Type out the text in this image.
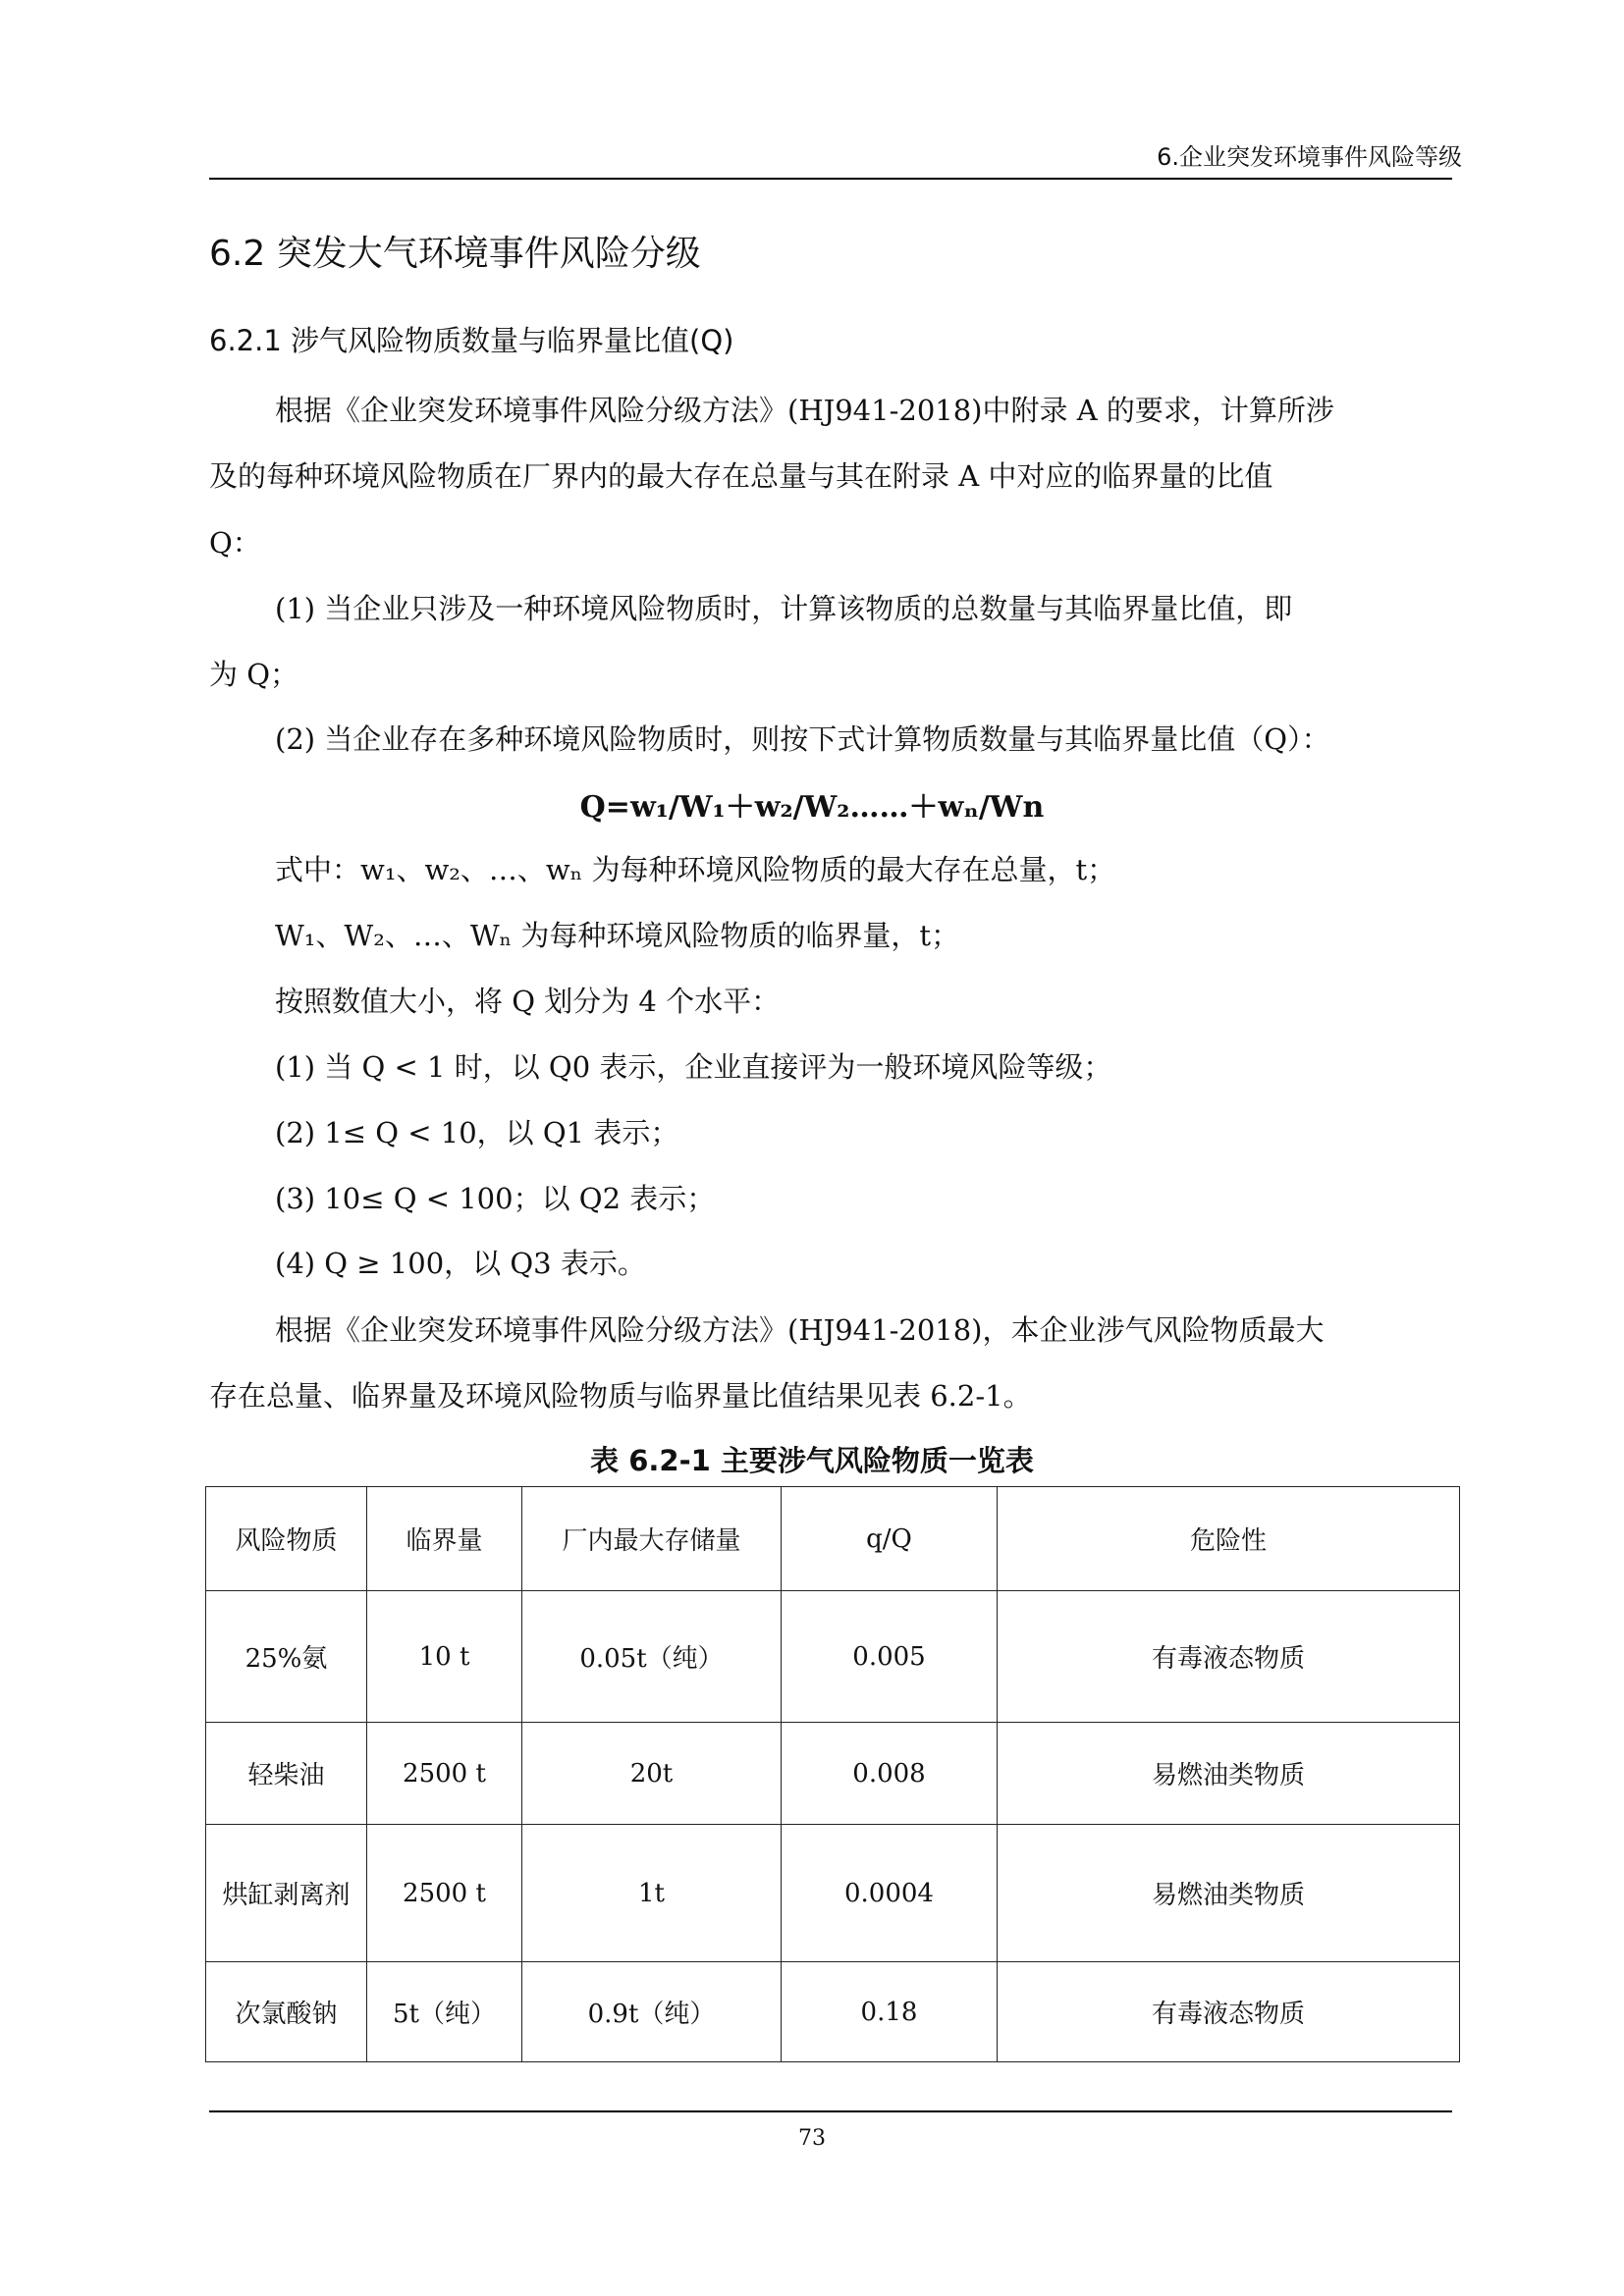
6.企业突发环境事件风险等级
6.2 突发大气环境事件风险分级
6.2.1 涉气风险物质数量与临界量比值(Q)
根据《企业突发环境事件风险分级方法》(HJ941-2018)中附录 A 的要求，计算所涉
及的每种环境风险物质在厂界内的最大存在总量与其在附录 A 中对应的临界量的比值
Q：
(1) 当企业只涉及一种环境风险物质时，计算该物质的总数量与其临界量比值，即
为 Q；
(2) 当企业存在多种环境风险物质时，则按下式计算物质数量与其临界量比值（Q）：
Q=w₁/W₁＋w₂/W₂……＋wₙ/Wn
式中：w₁、w₂、…、wₙ 为每种环境风险物质的最大存在总量，t；
W₁、W₂、…、Wₙ 为每种环境风险物质的临界量，t；
按照数值大小，将 Q 划分为 4 个水平：
(1) 当 Q < 1 时，以 Q0 表示，企业直接评为一般环境风险等级；
(2) 1≤ Q < 10，以 Q1 表示；
(3) 10≤ Q < 100；以 Q2 表示；
(4) Q ≥ 100，以 Q3 表示。
根据《企业突发环境事件风险分级方法》(HJ941-2018)，本企业涉气风险物质最大
存在总量、临界量及环境风险物质与临界量比值结果见表 6.2-1。
表 6.2-1 主要涉气风险物质一览表
风险物质	临界量	厂内最大存储量	q/Q	危险性
25%氨	10 t	0.05t（纯）	0.005	有毒液态物质
轻柴油	2500 t	20t	0.008	易燃油类物质
烘缸剥离剂	2500 t	1t	0.0004	易燃油类物质
次氯酸钠	5t（纯）	0.9t（纯）	0.18	有毒液态物质
73
